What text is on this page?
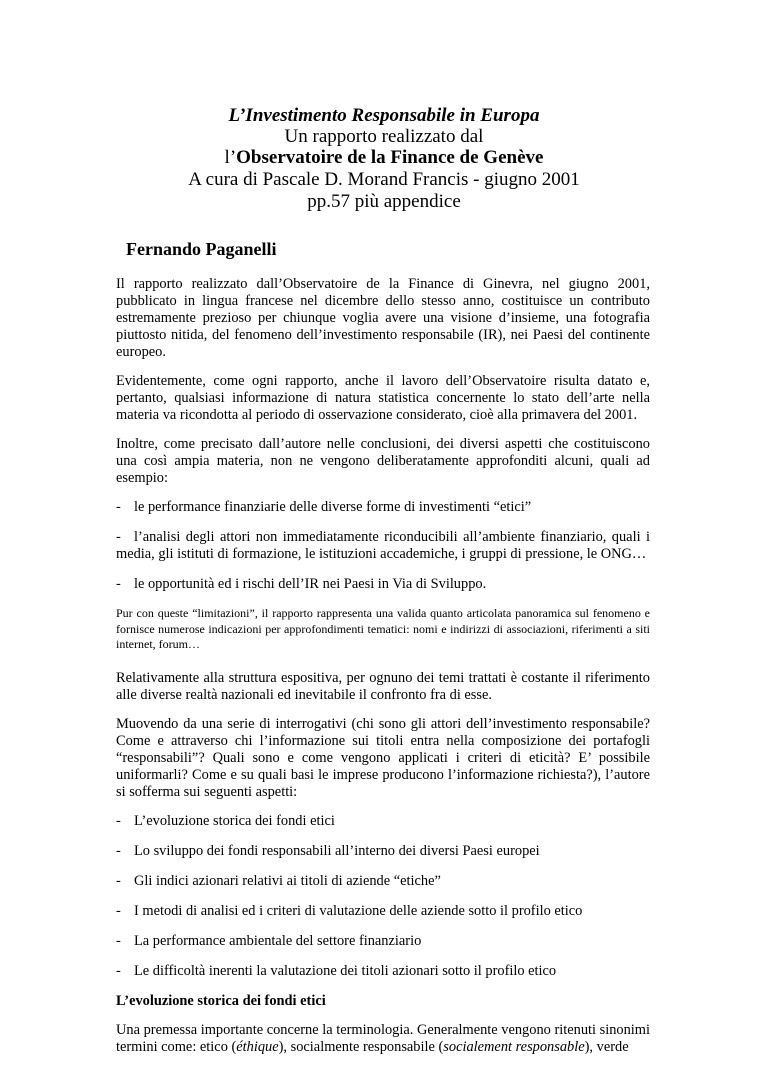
L’Investimento Responsabile in Europa
Un rapporto realizzato dal
l’Observatoire de la Finance de Genève
A cura di Pascale D. Morand Francis - giugno 2001
pp.57 più appendice
Fernando Paganelli

Il rapporto realizzato dall’Observatoire de la Finance di Ginevra, nel giugno 2001, pubblicato in lingua francese nel dicembre dello stesso anno, costituisce un contributo estremamente prezioso per chiunque voglia avere una visione d’insieme, una fotografia piuttosto nitida, del fenomeno dell’investimento responsabile (IR), nei Paesi del continente europeo.

Evidentemente, come ogni rapporto, anche il lavoro dell’Observatoire risulta datato e, pertanto, qualsiasi informazione di natura statistica concernente lo stato dell’arte nella materia va ricondotta al periodo di osservazione considerato, cioè alla primavera del 2001.

Inoltre, come precisato dall’autore nelle conclusioni, dei diversi aspetti che costituiscono una così ampia materia, non ne vengono deliberatamente approfonditi alcuni, quali ad esempio:

- le performance finanziarie delle diverse forme di investimenti “etici”
- l’analisi degli attori non immediatamente riconducibili all’ambiente finanziario, quali i media, gli istituti di formazione, le istituzioni accademiche, i gruppi di pressione, le ONG…
- le opportunità ed i rischi dell’IR nei Paesi in Via di Sviluppo.

Pur con queste “limitazioni”, il rapporto rappresenta una valida quanto articolata panoramica sul fenomeno e fornisce numerose indicazioni per approfondimenti tematici: nomi e indirizzi di associazioni, riferimenti a siti internet, forum…

Relativamente alla struttura espositiva, per ognuno dei temi trattati è costante il riferimento alle diverse realtà nazionali ed inevitabile il confronto fra di esse.

Muovendo da una serie di interrogativi (chi sono gli attori dell’investimento responsabile? Come e attraverso chi l’informazione sui titoli entra nella composizione dei portafogli “responsabili”? Quali sono e come vengono applicati i criteri di eticità? E’ possibile uniformarli? Come e su quali basi le imprese producono l’informazione richiesta?), l’autore si sofferma sui seguenti aspetti:

- L’evoluzione storica dei fondi etici
- Lo sviluppo dei fondi responsabili all’interno dei diversi Paesi europei
- Gli indici azionari relativi ai titoli di aziende “etiche”
- I metodi di analisi ed i criteri di valutazione delle aziende sotto il profilo etico
- La performance ambientale del settore finanziario
- Le difficoltà inerenti la valutazione dei titoli azionari sotto il profilo etico
L’evoluzione storica dei fondi etici

Una premessa importante concerne la terminologia. Generalmente vengono ritenuti sinonimi termini come: etico (éthique), socialmente responsabile (socialement responsable), verde
